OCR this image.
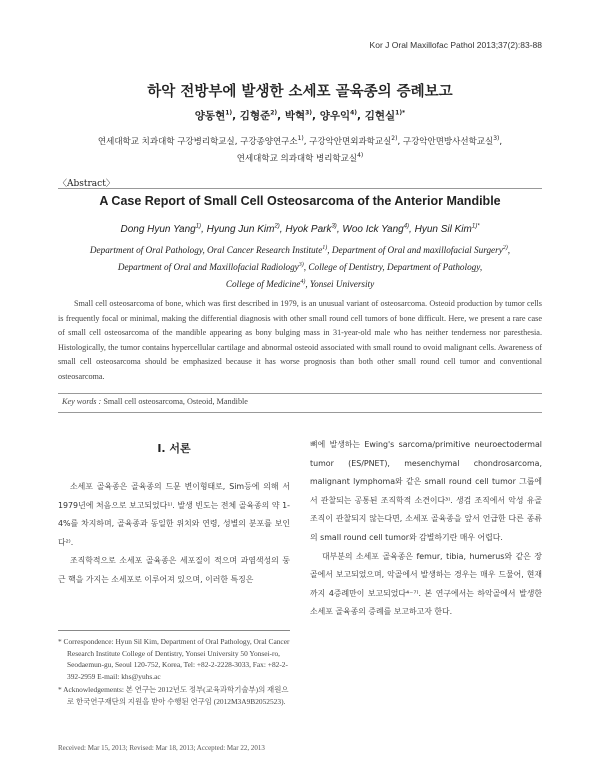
Kor J Oral Maxillofac Pathol 2013;37(2):83-88
하악 전방부에 발생한 소세포 골육종의 증례보고
양동현$^{1)}$, 김형준$^{2)}$, 박혁$^{3)}$, 양우익$^{4)}$, 김현실$^{1)*}$
연세대학교 치과대학 구강병리학교실, 구강종양연구소$^{1)}$, 구강악안면외과학교실$^{2)}$, 구강악안면방사선학교실$^{3)}$,
연세대학교 의과대학 병리학교실$^{4)}$
〈Abstract〉
A Case Report of Small Cell Osteosarcoma of the Anterior Mandible
Dong Hyun Yang$^{1)}$, Hyung Jun Kim$^{2)}$, Hyok Park$^{3)}$, Woo Ick Yang$^{4)}$, Hyun Sil Kim$^{1)*}$
Department of Oral Pathology, Oral Cancer Research Institute$^{1)}$, Department of Oral and maxillofacial Surgery$^{2)}$,
Department of Oral and Maxillofacial Radiology$^{3)}$, College of Dentistry, Department of Pathology,
College of Medicine$^{4)}$, Yonsei University

Small cell osteosarcoma of bone, which was first described in 1979, is an unusual variant of osteosarcoma. Osteoid production by tumor cells is frequently focal or minimal, making the differential diagnosis with other small round cell tumors of bone difficult. Here, we present a rare case of small cell osteosarcoma of the mandible appearing as bony bulging mass in 31-year-old male who has neither tenderness nor paresthesia. Histologically, the tumor contains hypercellular cartilage and abnormal osteoid associated with small round to ovoid malignant cells. Awareness of small cell osteosarcoma should be emphasized because it has worse prognosis than both other small round cell tumor and conventional osteosarcoma.

Key words : Small cell osteosarcoma, Osteoid, Mandible
Ⅰ. 서론

소세포 골육종은 골육종의 드문 변이형태로, Sim등에 의해 서 1979년에 처음으로 보고되었다¹⁾. 발생 빈도는 전체 골육종의 약 1-4%를 차지하며, 골육종과 동일한 위치와 연령, 성별의 분포를 보인다²⁾.

조직학적으로 소세포 골육종은 세포질이 적으며 과염색성의 둥근 핵을 가지는 소세포로 이루어져 있으며, 이러한 특징은

뼈에 발생하는 Ewing's sarcoma/primitive neuroectodermal tumor (ES/PNET), mesenchymal chondrosarcoma, malignant lymphoma와 같은 small round cell tumor 그룹에서 관찰되는 공통된 조직학적 소견이다³⁾. 생검 조직에서 악성 유골 조직이 관찰되지 않는다면, 소세포 골육종을 앞서 언급한 다른 종류의 small round cell tumor와 감별하기란 매우 어렵다.

대부분의 소세포 골육종은 femur, tibia, humerus와 같은 장골에서 보고되었으며, 악골에서 발생하는 경우는 매우 드물어, 현재까지 4증례만이 보고되었다⁴⁻⁷⁾. 본 연구에서는 하악골에서 발생한 소세포 골육종의 증례를 보고하고자 한다.

* Correspondence: Hyun Sil Kim, Department of Oral Pathology, Oral Cancer Research Institute College of Dentistry, Yonsei University 50 Yonsei-ro, Seodaemun-gu, Seoul 120-752, Korea, Tel: +82-2-2228-3033, Fax: +82-2-392-2959 E-mail: khs@yuhs.ac

* Acknowledgements: 본 연구는 2012년도 정부(교육과학기술부)의 재원으로 한국연구재단의 지원을 받아 수행된 연구임 (2012M3A9B2052523).

Received: Mar 15, 2013; Revised: Mar 18, 2013; Accepted: Mar 22, 2013
